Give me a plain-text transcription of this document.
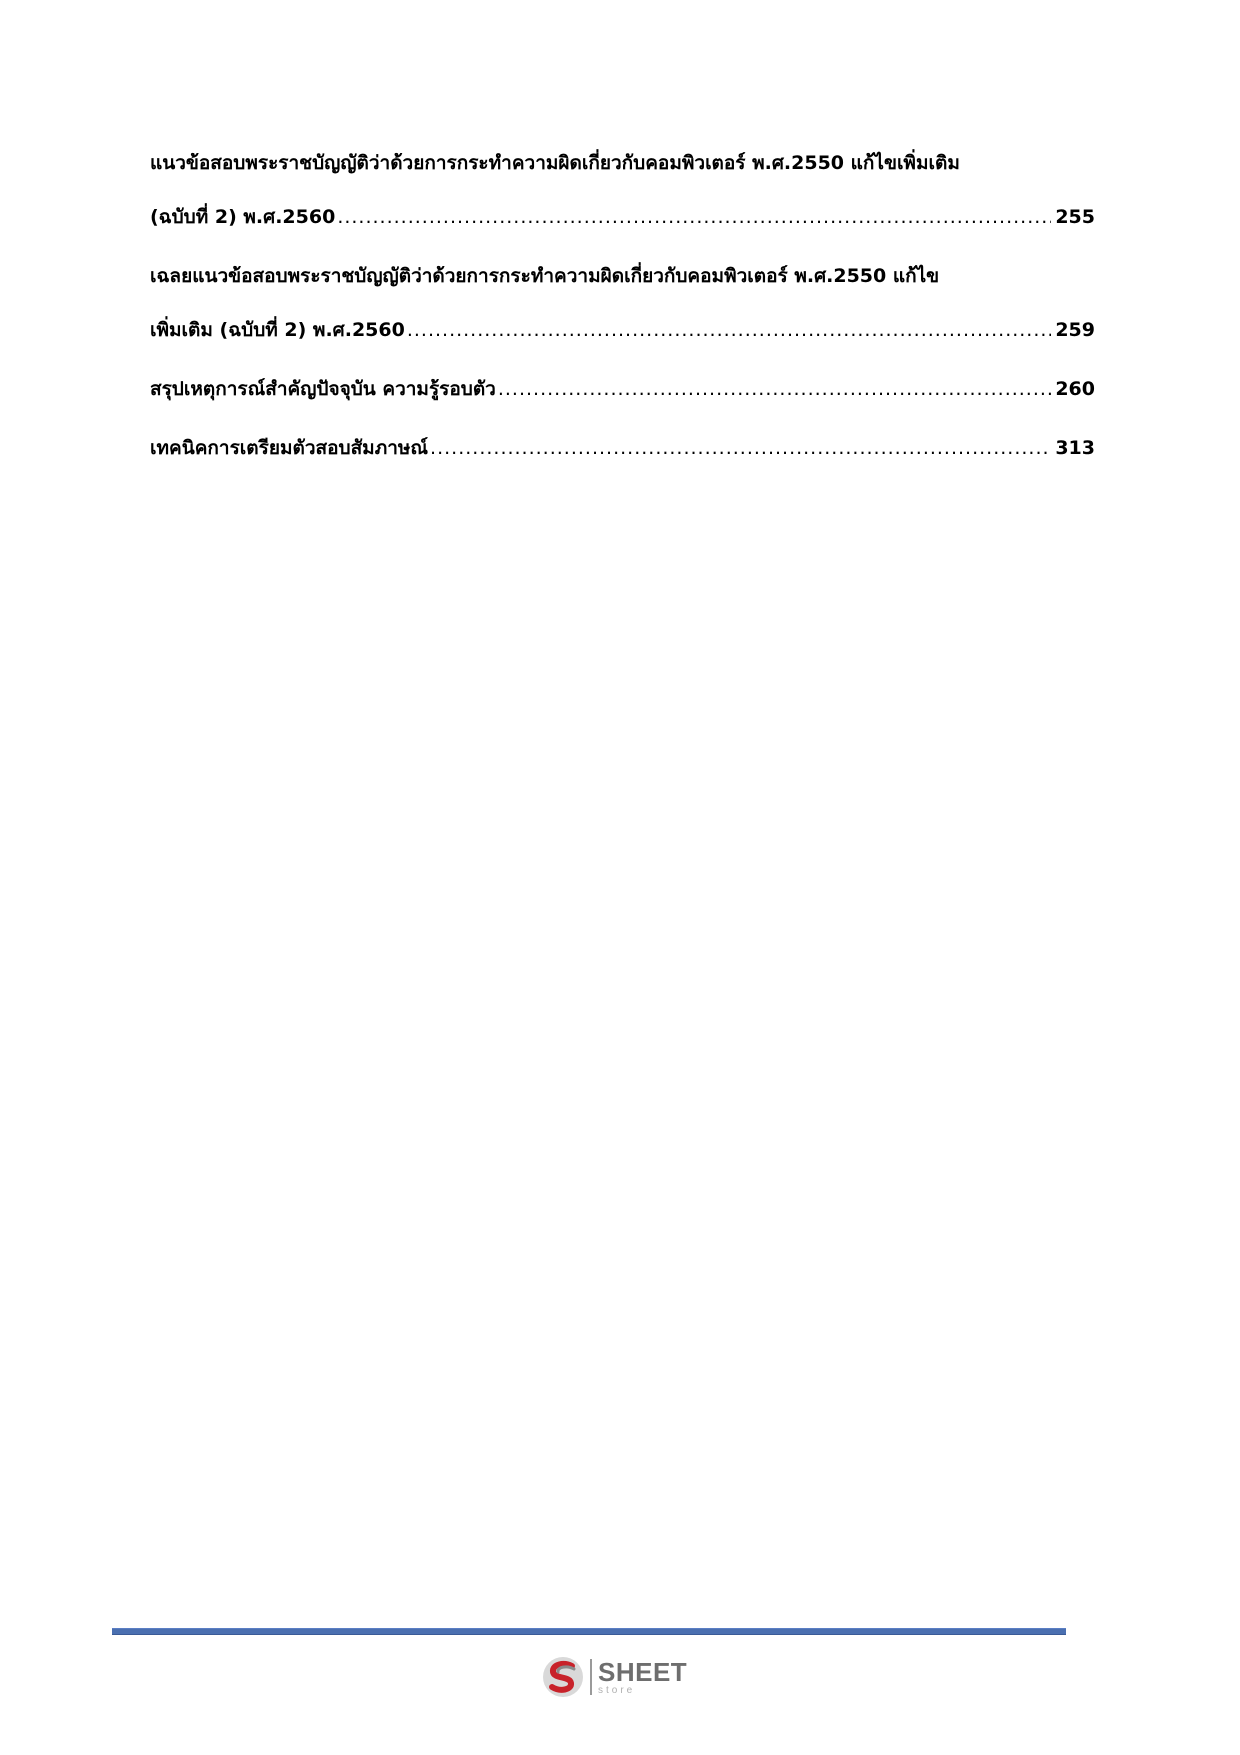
แนวข้อสอบพระราชบัญญัติว่าด้วยการกระทำความผิดเกี่ยวกับคอมพิวเตอร์ พ.ศ.2550 แก้ไขเพิ่มเติม
(ฉบับที่ 2) พ.ศ.2560 .....	255
เฉลยแนวข้อสอบพระราชบัญญัติว่าด้วยการกระทำความผิดเกี่ยวกับคอมพิวเตอร์ พ.ศ.2550 แก้ไข
เพิ่มเติม (ฉบับที่ 2) พ.ศ.2560 .....	259
สรุปเหตุการณ์สำคัญปัจจุบัน ความรู้รอบตัว .....	260
เทคนิคการเตรียมตัวสอบสัมภาษณ์ .....	313
SHEET
store
